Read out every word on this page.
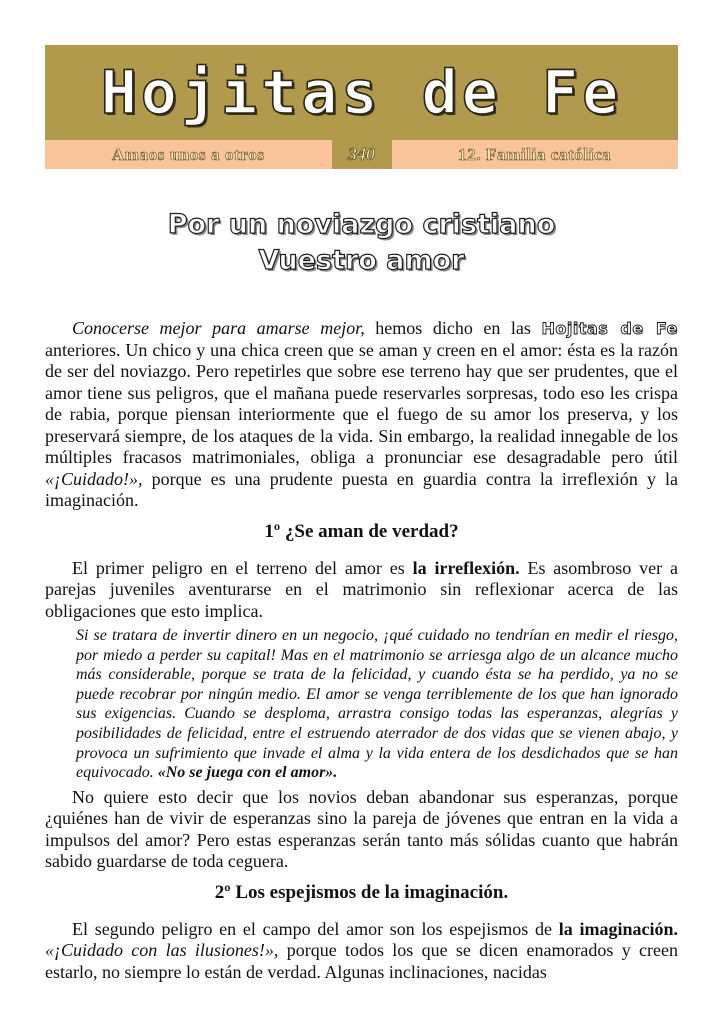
Hojitas de Fe
Amaos unos a otros	340	12. Familia católica
Por un noviazgo cristiano
Vuestro amor

Conocerse mejor para amarse mejor, hemos dicho en las Hojitas de Fe anteriores. Un chico y una chica creen que se aman y creen en el amor: ésta es la razón de ser del noviazgo. Pero repetirles que sobre ese terreno hay que ser prudentes, que el amor tiene sus peligros, que el mañana puede reservarles sorpresas, todo eso les crispa de rabia, porque piensan interiormente que el fuego de su amor los preserva, y los preservará siempre, de los ataques de la vida. Sin embargo, la realidad innegable de los múltiples fracasos matrimoniales, obliga a pronunciar ese desagradable pero útil «¡Cuidado!», porque es una prudente puesta en guardia contra la irreflexión y la imaginación.

1º ¿Se aman de verdad?

El primer peligro en el terreno del amor es la irreflexión. Es asombroso ver a parejas juveniles aventurarse en el matrimonio sin reflexionar acerca de las obligaciones que esto implica.

Si se tratara de invertir dinero en un negocio, ¡qué cuidado no tendrían en medir el riesgo, por miedo a perder su capital! Mas en el matrimonio se arriesga algo de un alcance mucho más considerable, porque se trata de la felicidad, y cuando ésta se ha perdido, ya no se puede recobrar por ningún medio. El amor se venga terriblemente de los que han ignorado sus exigencias. Cuando se desploma, arrastra consigo todas las esperanzas, alegrías y posibilidades de felicidad, entre el estruendo aterrador de dos vidas que se vienen abajo, y provoca un sufrimiento que invade el alma y la vida entera de los desdichados que se han equivocado. «No se juega con el amor».

No quiere esto decir que los novios deban abandonar sus esperanzas, porque ¿quiénes han de vivir de esperanzas sino la pareja de jóvenes que entran en la vida a impulsos del amor? Pero estas esperanzas serán tanto más sólidas cuanto que habrán sabido guardarse de toda ceguera.

2º Los espejismos de la imaginación.

El segundo peligro en el campo del amor son los espejismos de la imaginación. «¡Cuidado con las ilusiones!», porque todos los que se dicen enamorados y creen estarlo, no siempre lo están de verdad. Algunas inclinaciones, nacidas
